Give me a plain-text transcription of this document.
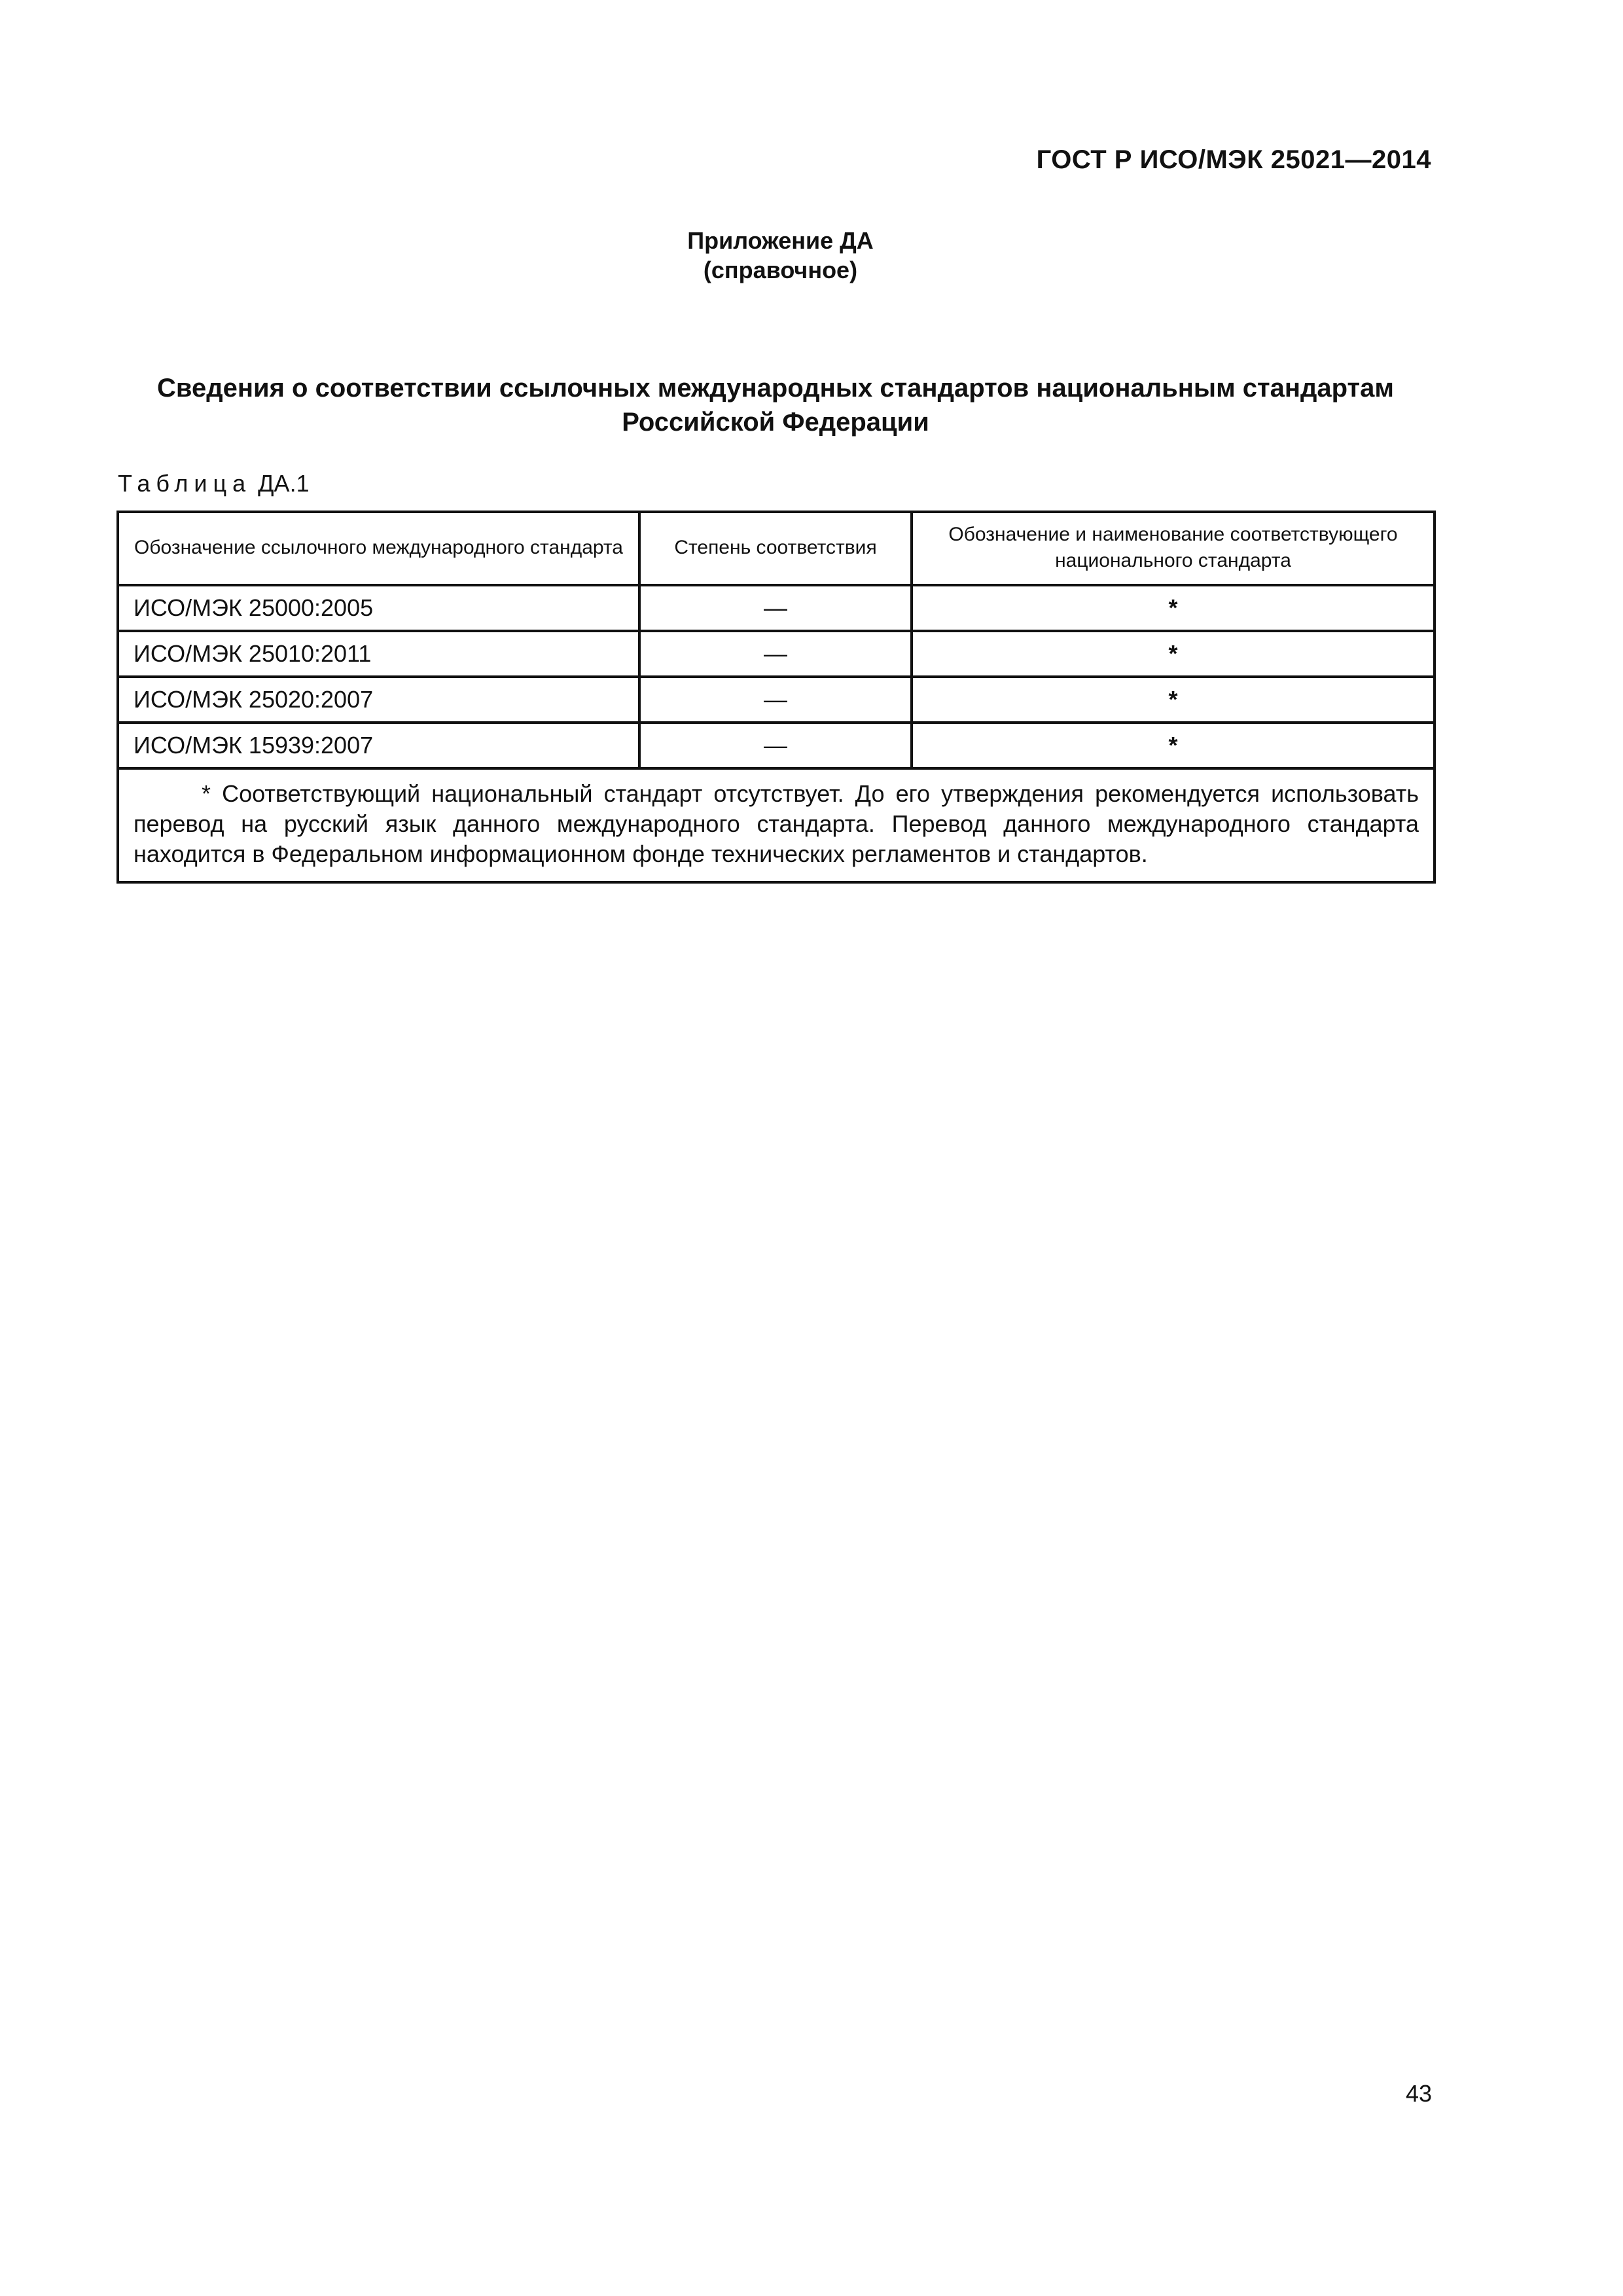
ГОСТ Р ИСО/МЭК 25021—2014
Приложение ДА
(справочное)
Сведения о соответствии ссылочных международных стандартов национальным стандартам
Российской Федерации
Таблица ДА.1
Обозначение ссылочного международного стандарта	Степень соответствия	Обозначение и наименование соответствующего национального стандарта
ИСО/МЭК 25000:2005	—	*
ИСО/МЭК 25010:2011	—	*
ИСО/МЭК 25020:2007	—	*
ИСО/МЭК 15939:2007	—	*
* Соответствующий национальный стандарт отсутствует. До его утверждения рекомендуется использовать перевод на русский язык данного международного стандарта. Перевод данного международного стандарта находится в Федеральном информационном фонде технических регламентов и стандартов.		
43
